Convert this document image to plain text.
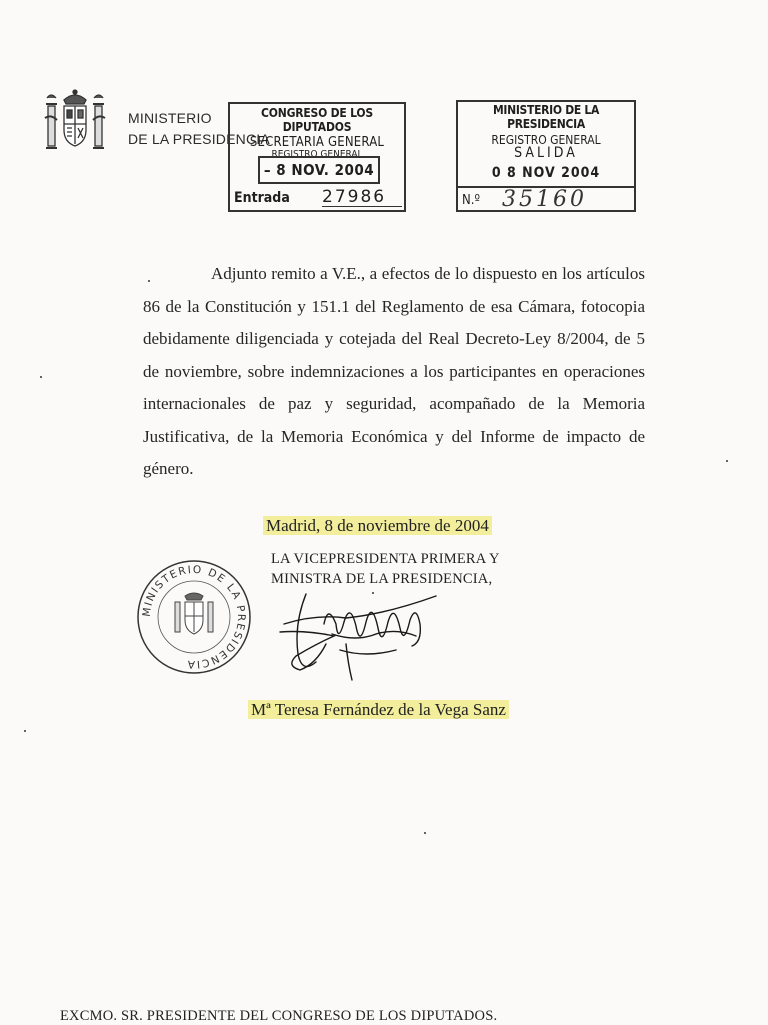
MINISTERIO
DE LA PRESIDENCIA
CONGRESO DE LOS DIPUTADOS
SECRETARIA GENERAL
REGISTRO GENERAL
– 8 NOV. 2004
Entrada 27986
MINISTERIO DE LA PRESIDENCIA
REGISTRO GENERAL
SALIDA
0 8 NOV 2004
N.º 35160

Adjunto remito a V.E., a efectos de lo dispuesto en los artículos 86 de la Constitución y 151.1 del Reglamento de esa Cámara, fotocopia debidamente diligenciada y cotejada del Real Decreto-Ley 8/2004, de 5 de noviembre, sobre indemnizaciones a los participantes en operaciones internacionales de paz y seguridad, acompañado de la Memoria Justificativa, de la Memoria Económica y del Informe de impacto de género.

Madrid, 8 de noviembre de 2004
LA VICEPRESIDENTA PRIMERA Y
MINISTRA DE LA PRESIDENCIA,
MINISTERIO DE LA PRESIDENCIA
Mª Teresa Fernández de la Vega Sanz
EXCMO. SR. PRESIDENTE DEL CONGRESO DE LOS DIPUTADOS.
